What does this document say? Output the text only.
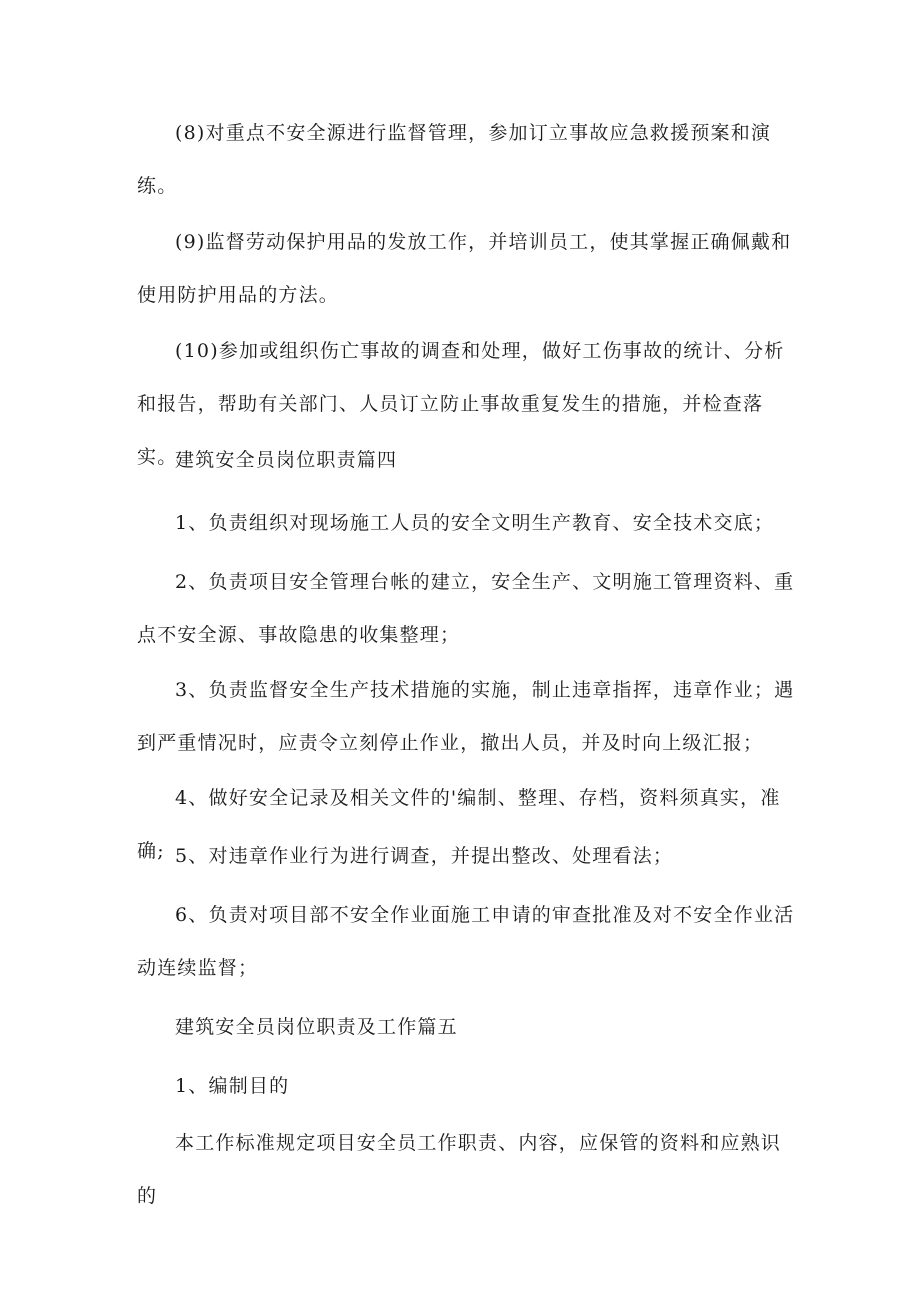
(8)对重点不安全源进行监督管理，参加订立事故应急救援预案和演练。

(9)监督劳动保护用品的发放工作，并培训员工，使其掌握正确佩戴和使用防护用品的方法。

(10)参加或组织伤亡事故的调查和处理，做好工伤事故的统计、分析和报告，帮助有关部门、人员订立防止事故重复发生的措施，并检查落实。

建筑安全员岗位职责篇四

1、负责组织对现场施工人员的安全文明生产教育、安全技术交底；

2、负责项目安全管理台帐的建立，安全生产、文明施工管理资料、重点不安全源、事故隐患的收集整理；

3、负责监督安全生产技术措施的实施，制止违章指挥，违章作业；遇到严重情况时，应责令立刻停止作业，撤出人员，并及时向上级汇报；

4、做好安全记录及相关文件的'编制、整理、存档，资料须真实，准确; 5、对违章作业行为进行调查，并提出整改、处理看法；

6、负责对项目部不安全作业面施工申请的审查批准及对不安全作业活动连续监督；

建筑安全员岗位职责及工作篇五

1、编制目的

本工作标准规定项目安全员工作职责、内容，应保管的资料和应熟识的
